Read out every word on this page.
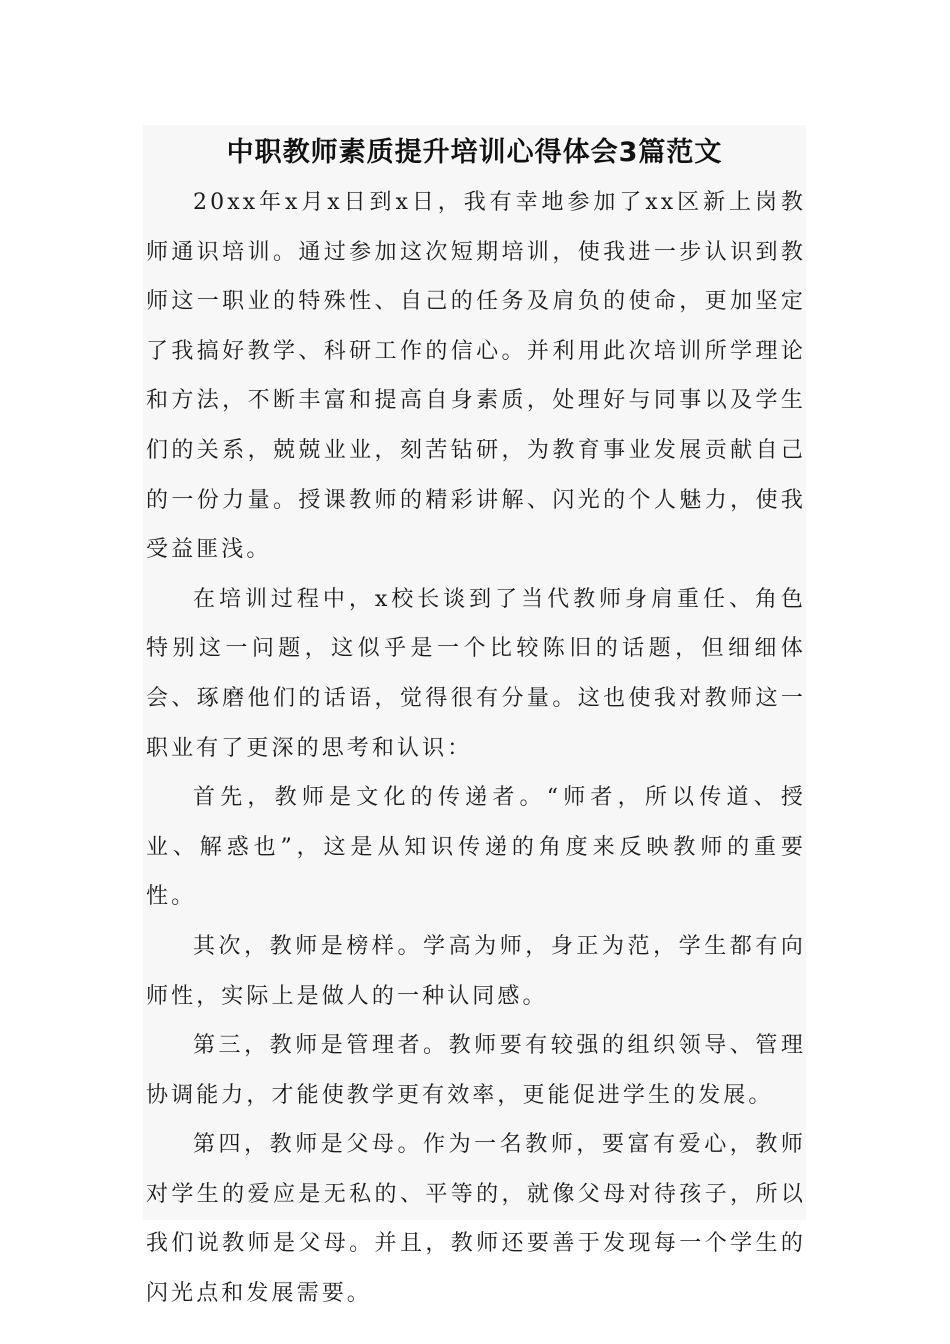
中职教师素质提升培训心得体会3篇范文

20xx年x月x日到x日，我有幸地参加了xx区新上岗教师通识培训。通过参加这次短期培训，使我进一步认识到教师这一职业的特殊性、自己的任务及肩负的使命，更加坚定了我搞好教学、科研工作的信心。并利用此次培训所学理论和方法，不断丰富和提高自身素质，处理好与同事以及学生们的关系，兢兢业业，刻苦钻研，为教育事业发展贡献自己的一份力量。授课教师的精彩讲解、闪光的个人魅力，使我受益匪浅。

在培训过程中，x校长谈到了当代教师身肩重任、角色特别这一问题，这似乎是一个比较陈旧的话题，但细细体会、琢磨他们的话语，觉得很有分量。这也使我对教师这一职业有了更深的思考和认识：

首先，教师是文化的传递者。“师者，所以传道、授业、解惑也”，这是从知识传递的角度来反映教师的重要性。

其次，教师是榜样。学高为师，身正为范，学生都有向师性，实际上是做人的一种认同感。

第三，教师是管理者。教师要有较强的组织领导、管理协调能力，才能使教学更有效率，更能促进学生的发展。

第四，教师是父母。作为一名教师，要富有爱心，教师对学生的爱应是无私的、平等的，就像父母对待孩子，所以我们说教师是父母。并且，教师还要善于发现每一个学生的闪光点和发展需要。
